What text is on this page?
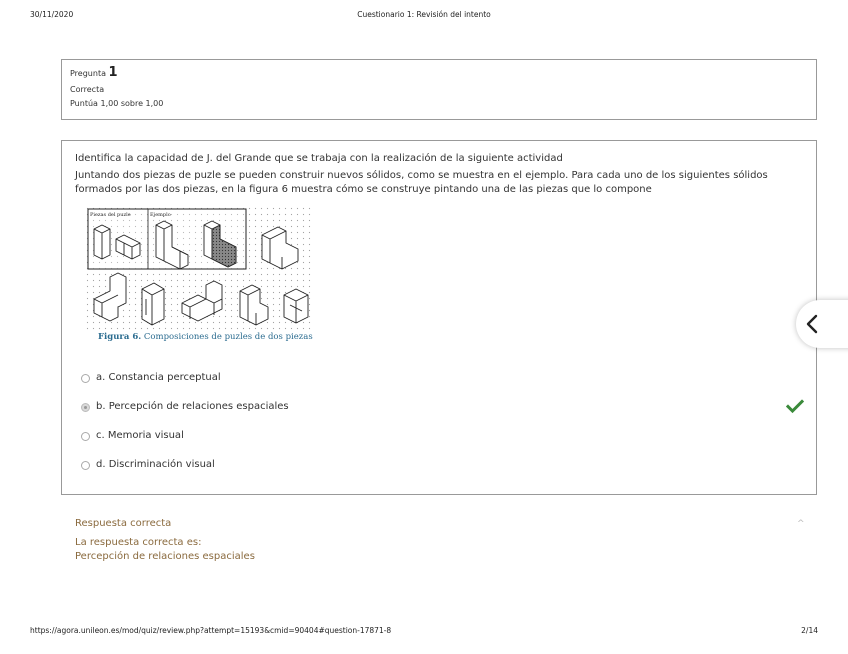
30/11/2020	Cuestionario 1: Revisión del intento
Pregunta 1
Correcta
Puntúa 1,00 sobre 1,00

Identifica la capacidad de J. del Grande que se trabaja con la realización de la siguiente actividad

Juntando dos piezas de puzle se pueden construir nuevos sólidos, como se muestra en el ejemplo. Para cada uno de los siguientes sólidos formados por las dos piezas, en la figura 6 muestra cómo se construye pintando una de las piezas que lo compone

Piezas del puzle	Ejemplo
Figura 6. Composiciones de puzles de dos piezas
a. Constancia perceptual
b. Percepción de relaciones espaciales
c. Memoria visual
d. Discriminación visual
Respuesta correcta	^
La respuesta correcta es:
Percepción de relaciones espaciales
https://agora.unileon.es/mod/quiz/review.php?attempt=15193&cmid=90404#question-17871-8	2/14
